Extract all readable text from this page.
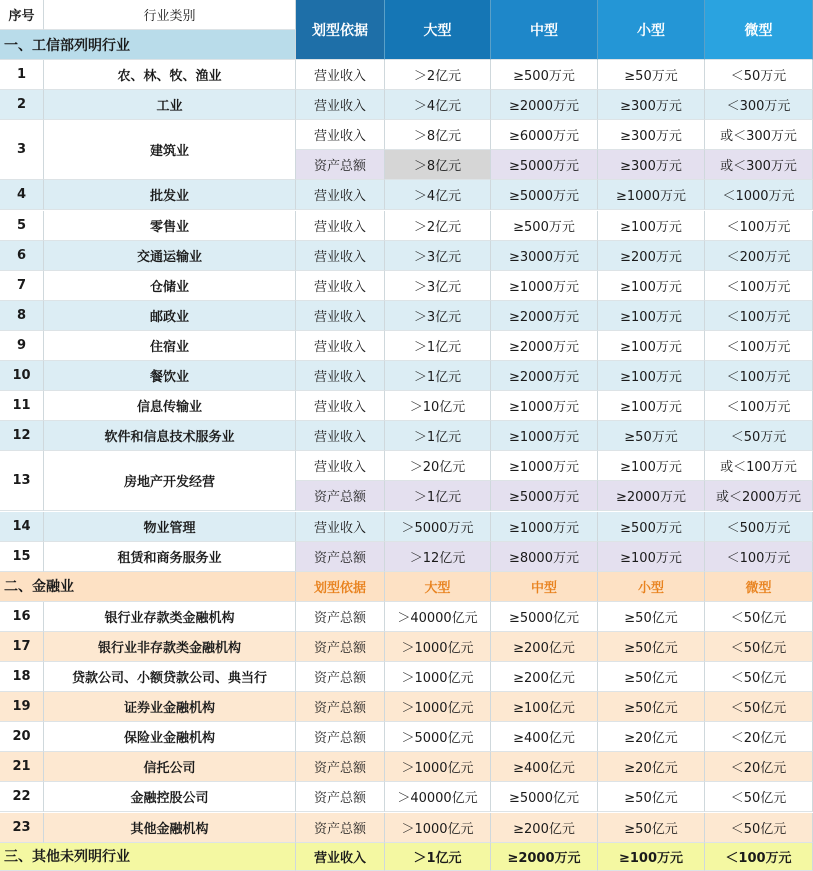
序号	行业类别
划型依据	大型	中型	小型	微型
一、工信部列明行业
1	农、林、牧、渔业	营业收入	＞2亿元	≥500万元	≥50万元	＜50万元
2	工业	营业收入	＞4亿元	≥2000万元	≥300万元	＜300万元
3	建筑业
营业收入	＞8亿元	≥6000万元	≥300万元	或＜300万元
资产总额	＞8亿元	≥5000万元	≥300万元	或＜300万元
4	批发业	营业收入	＞4亿元	≥5000万元	≥1000万元	＜1000万元
5	零售业	营业收入	＞2亿元	≥500万元	≥100万元	＜100万元
6	交通运输业	营业收入	＞3亿元	≥3000万元	≥200万元	＜200万元
7	仓储业	营业收入	＞3亿元	≥1000万元	≥100万元	＜100万元
8	邮政业	营业收入	＞3亿元	≥2000万元	≥100万元	＜100万元
9	住宿业	营业收入	＞1亿元	≥2000万元	≥100万元	＜100万元
10	餐饮业	营业收入	＞1亿元	≥2000万元	≥100万元	＜100万元
11	信息传输业	营业收入	＞10亿元	≥1000万元	≥100万元	＜100万元
12	软件和信息技术服务业	营业收入	＞1亿元	≥1000万元	≥50万元	＜50万元
13	房地产开发经营
营业收入	＞20亿元	≥1000万元	≥100万元	或＜100万元
资产总额	＞1亿元	≥5000万元	≥2000万元	或＜2000万元
14	物业管理	营业收入	＞5000万元	≥1000万元	≥500万元	＜500万元
15	租赁和商务服务业	资产总额	＞12亿元	≥8000万元	≥100万元	＜100万元
二、金融业	划型依据	大型	中型	小型	微型
16	银行业存款类金融机构	资产总额	＞40000亿元	≥5000亿元	≥50亿元	＜50亿元
17	银行业非存款类金融机构	资产总额	＞1000亿元	≥200亿元	≥50亿元	＜50亿元
18	贷款公司、小额贷款公司、典当行	资产总额	＞1000亿元	≥200亿元	≥50亿元	＜50亿元
19	证券业金融机构	资产总额	＞1000亿元	≥100亿元	≥50亿元	＜50亿元
20	保险业金融机构	资产总额	＞5000亿元	≥400亿元	≥20亿元	＜20亿元
21	信托公司	资产总额	＞1000亿元	≥400亿元	≥20亿元	＜20亿元
22	金融控股公司	资产总额	＞40000亿元	≥5000亿元	≥50亿元	＜50亿元
23	其他金融机构	资产总额	＞1000亿元	≥200亿元	≥50亿元	＜50亿元
三、其他未列明行业	营业收入	＞1亿元	≥2000万元	≥100万元	＜100万元
